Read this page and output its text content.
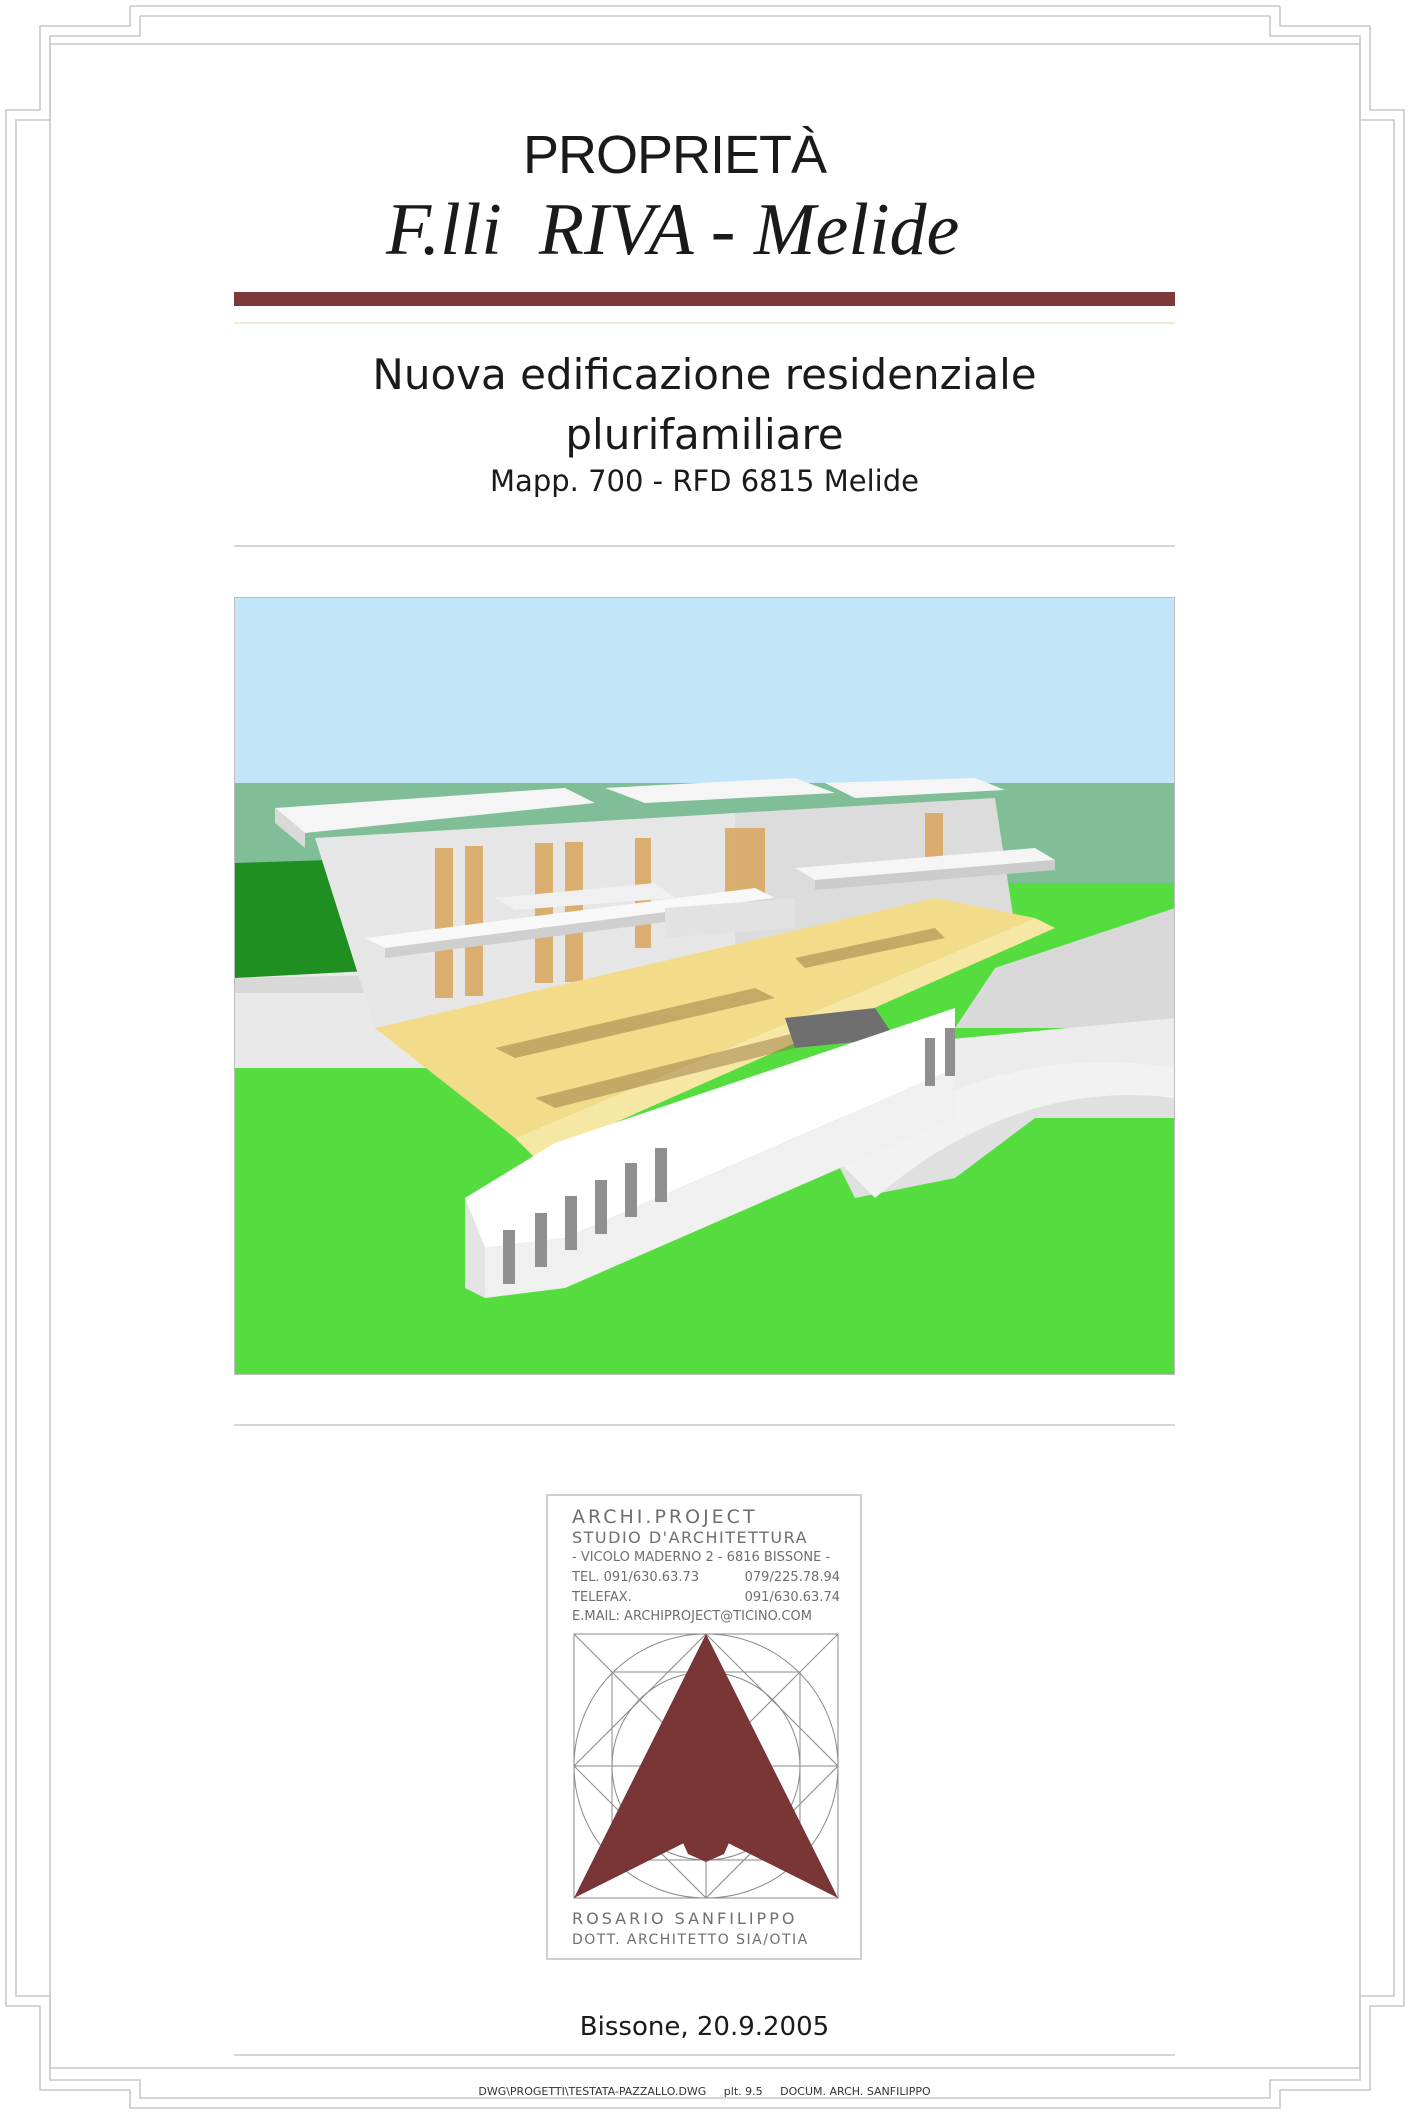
PROPRIETÀ
F.lli  RIVA - Melide
Nuova edificazione residenziale
plurifamiliare
Mapp. 700 - RFD 6815 Melide
ARCHI.PROJECT
STUDIO D'ARCHITETTURA
- VICOLO MADERNO 2 - 6816 BISSONE -
TEL. 091/630.63.73	079/225.78.94
TELEFAX.	091/630.63.74
E.MAIL: ARCHIPROJECT@TICINO.COM
ROSARIO SANFILIPPO
DOTT. ARCHITETTO SIA/OTIA
Bissone, 20.9.2005
DWG\PROGETTI\TESTATA-PAZZALLO.DWG     plt. 9.5     DOCUM. ARCH. SANFILIPPO
